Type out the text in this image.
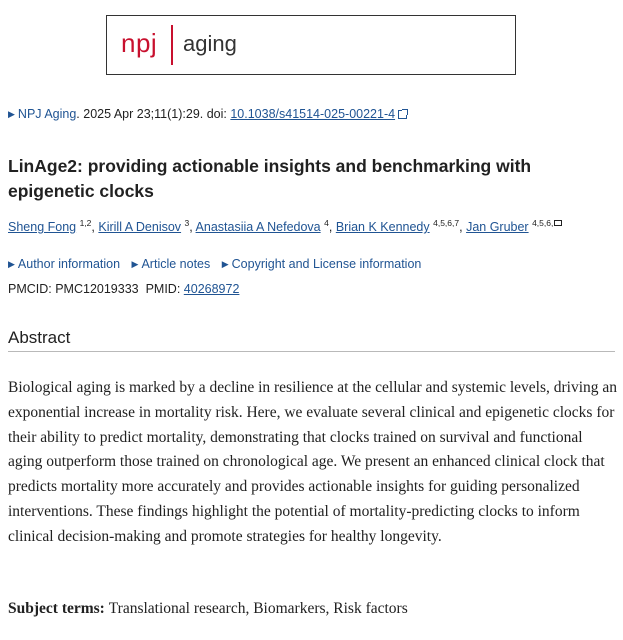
npj aging
▶ NPJ Aging. 2025 Apr 23;11(1):29. doi: 10.1038/s41514-025-00221-4
LinAge2: providing actionable insights and benchmarking with epigenetic clocks
Sheng Fong $^{1,2}$, Kirill A Denisov $^3$, Anastasiia A Nefedova $^4$, Brian K Kennedy $^{4,5,6,7}$, Jan Gruber $^{4,5,6,}$
▶ Author information ▶ Article notes ▶ Copyright and License information
PMCID: PMC12019333 PMID: 40268972
Abstract
Biological aging is marked by a decline in resilience at the cellular and systemic levels, driving an exponential increase in mortality risk. Here, we evaluate several clinical and epigenetic clocks for their ability to predict mortality, demonstrating that clocks trained on survival and functional aging outperform those trained on chronological age. We present an enhanced clinical clock that predicts mortality more accurately and provides actionable insights for guiding personalized interventions. These findings highlight the potential of mortality-predicting clocks to inform clinical decision-making and promote strategies for healthy longevity.
Subject terms: Translational research, Biomarkers, Risk factors
